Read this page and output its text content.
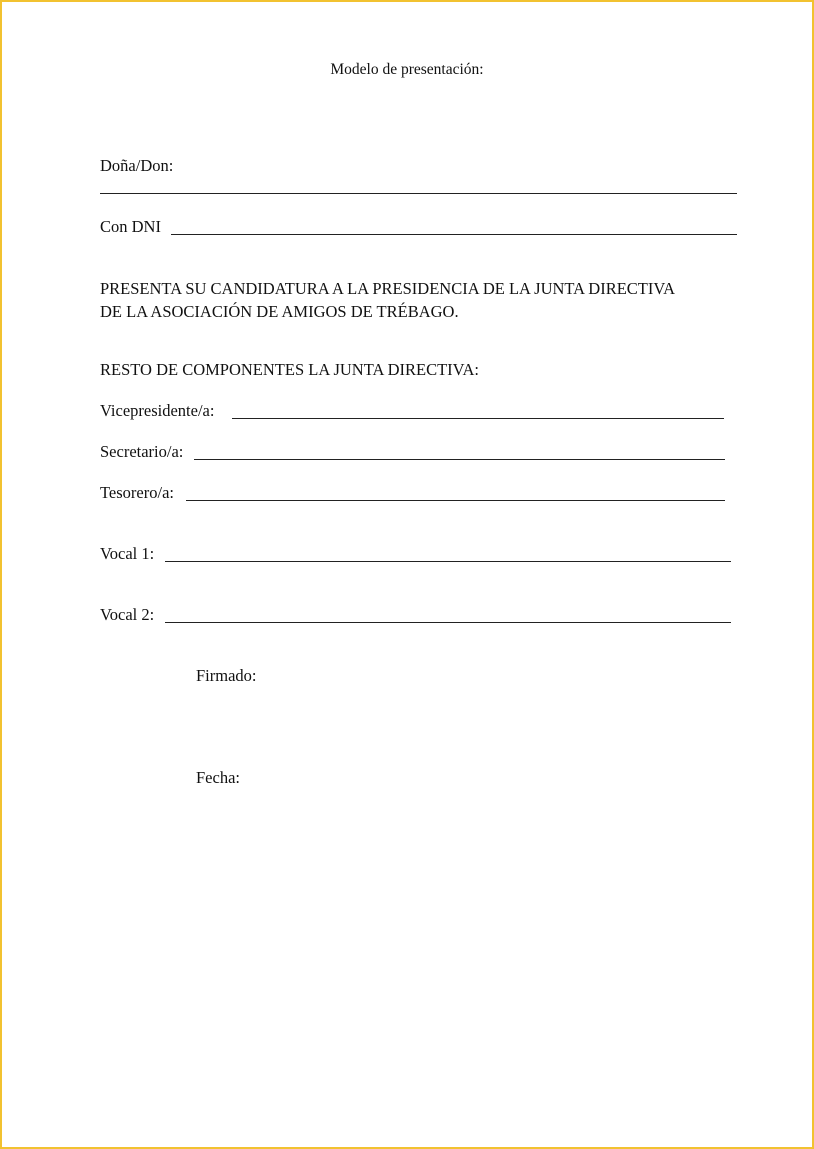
Modelo de presentación:
Doña/Don:
Con DNI
PRESENTA SU CANDIDATURA A LA PRESIDENCIA DE LA JUNTA DIRECTIVA
DE LA ASOCIACIÓN DE AMIGOS DE TRÉBAGO.
RESTO DE COMPONENTES LA JUNTA DIRECTIVA:
Vicepresidente/a:
Secretario/a:
Tesorero/a:
Vocal 1:
Vocal 2:
Firmado:
Fecha:
